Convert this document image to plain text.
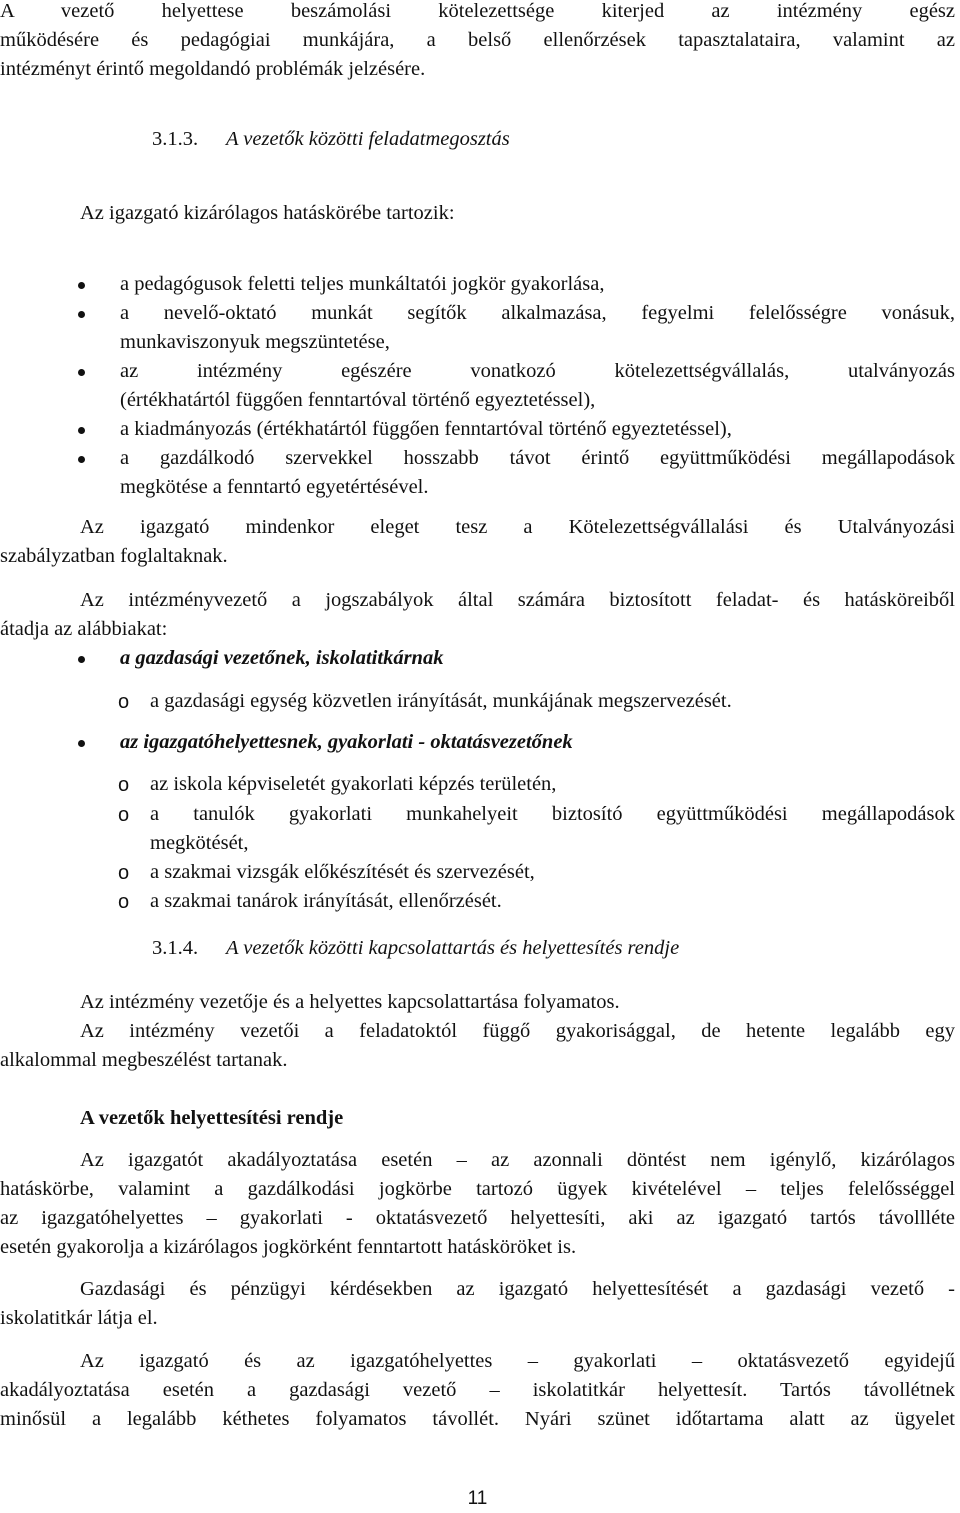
A vezető helyettese beszámolási kötelezettsége kiterjed az intézmény egész
működésére és pedagógiai munkájára, a belső ellenőrzések tapasztalataira, valamint az
intézményt érintő megoldandó problémák jelzésére.
3.1.3. A vezetők közötti feladatmegosztás
Az igazgató kizárólagos hatáskörébe tartozik:
a pedagógusok feletti teljes munkáltatói jogkör gyakorlása,
a nevelő-oktató munkát segítők alkalmazása, fegyelmi felelősségre vonásuk,
munkaviszonyuk megszüntetése,
az intézmény egészére vonatkozó kötelezettségvállalás, utalványozás
(értékhatártól függően fenntartóval történő egyeztetéssel),
a kiadmányozás (értékhatártól függően fenntartóval történő egyeztetéssel),
a gazdálkodó szervekkel hosszabb távot érintő együttműködési megállapodások
megkötése a fenntartó egyetértésével.
Az igazgató mindenkor eleget tesz a Kötelezettségvállalási és Utalványozási
szabályzatban foglaltaknak.
Az intézményvezető a jogszabályok által számára biztosított feladat- és hatásköreiből
átadja az alábbiakat:
a gazdasági vezetőnek, iskolatitkárnak
o a gazdasági egység közvetlen irányítását, munkájának megszervezését.
az igazgatóhelyettesnek, gyakorlati - oktatásvezetőnek
o az iskola képviseletét gyakorlati képzés területén,
o a tanulók gyakorlati munkahelyeit biztosító együttműködési megállapodások
megkötését,
o a szakmai vizsgák előkészítését és szervezését,
o a szakmai tanárok irányítását, ellenőrzését.
3.1.4. A vezetők közötti kapcsolattartás és helyettesítés rendje
Az intézmény vezetője és a helyettes kapcsolattartása folyamatos.
Az intézmény vezetői a feladatoktól függő gyakorisággal, de hetente legalább egy
alkalommal megbeszélést tartanak.
A vezetők helyettesítési rendje
Az igazgatót akadályoztatása esetén – az azonnali döntést nem igénylő, kizárólagos
hatáskörbe, valamint a gazdálkodási jogkörbe tartozó ügyek kivételével – teljes felelősséggel
az igazgatóhelyettes – gyakorlati - oktatásvezető helyettesíti, aki az igazgató tartós távollléte
esetén gyakorolja a kizárólagos jogkörként fenntartott hatásköröket is.
Gazdasági és pénzügyi kérdésekben az igazgató helyettesítését a gazdasági vezető -
iskolatitkár látja el.
Az igazgató és az igazgatóhelyettes – gyakorlati – oktatásvezető egyidejű
akadályoztatása esetén a gazdasági vezető – iskolatitkár helyettesít. Tartós távollétnek
minősül a legalább kéthetes folyamatos távollét. Nyári szünet időtartama alatt az ügyelet
11
